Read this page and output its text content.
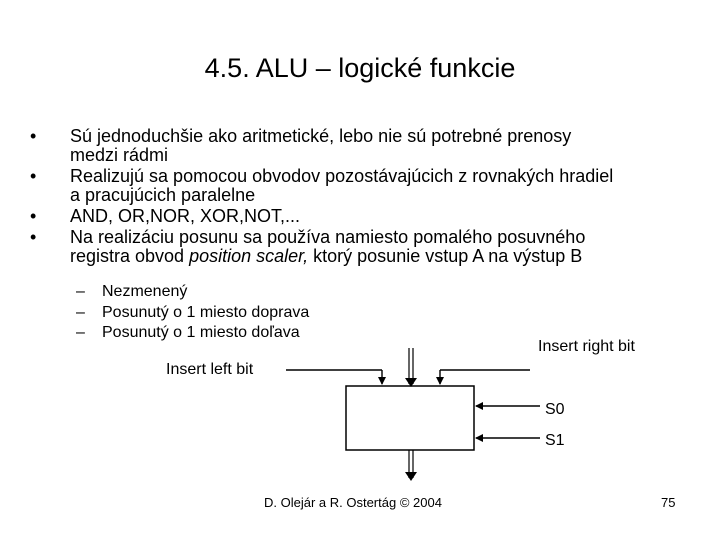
4.5. ALU – logické funkcie
• Sú jednoduchšie ako aritmetické, lebo nie sú potrebné prenosy
medzi rádmi
• Realizujú sa pomocou obvodov pozostávajúcich z rovnakých hradiel
a pracujúcich paralelne
• AND, OR,NOR, XOR,NOT,...
• Na realizáciu posunu sa používa namiesto pomalého posuvného
registra obvod position scaler, ktorý posunie vstup A na výstup B
– Nezmenený
– Posunutý o 1 miesto doprava
– Posunutý o 1 miesto doľava
Insert right bit
Insert left bit
S0
S1
D. Olejár a R. Ostertág © 2004	75
